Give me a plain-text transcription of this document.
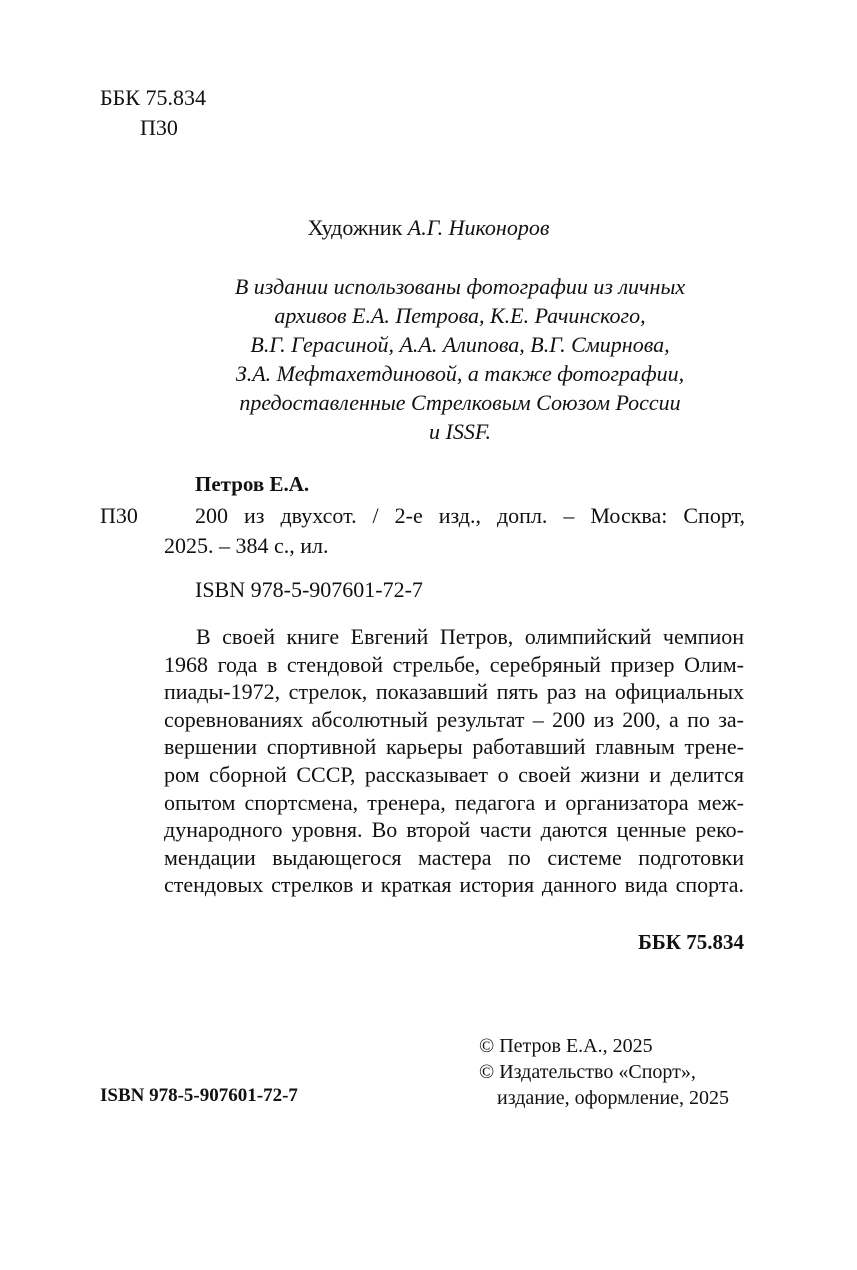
ББК 75.834
П30
Художник А.Г. Никоноров
В издании использованы фотографии из личных
архивов Е.А. Петрова, К.Е. Рачинского,
В.Г. Герасиной, А.А. Алипова, В.Г. Смирнова,
З.А. Мефтахетдиновой, а также фотографии,
предоставленные Стрелковым Союзом России
и ISSF.
Петров Е.А.
П30	200 из двухсот. / 2-е изд., допл. – Москва: Спорт,
2025. – 384 с., ил.
ISBN 978-5-907601-72-7
В своей книге Евгений Петров, олимпийский чемпион
1968 года в стендовой стрельбе, серебряный призер Олим-
пиады-1972, стрелок, показавший пять раз на официальных
соревнованиях абсолютный результат – 200 из 200, а по за-
вершении спортивной карьеры работавший главным трене-
ром сборной СССР, рассказывает о своей жизни и делится
опытом спортсмена, тренера, педагога и организатора меж-
дународного уровня. Во второй части даются ценные реко-
мендации выдающегося мастера по системе подготовки
стендовых стрелков и краткая история данного вида спорта.
ББК 75.834
© Петров Е.А., 2025
© Издательство «Спорт»,
издание, оформление, 2025
ISBN 978-5-907601-72-7
